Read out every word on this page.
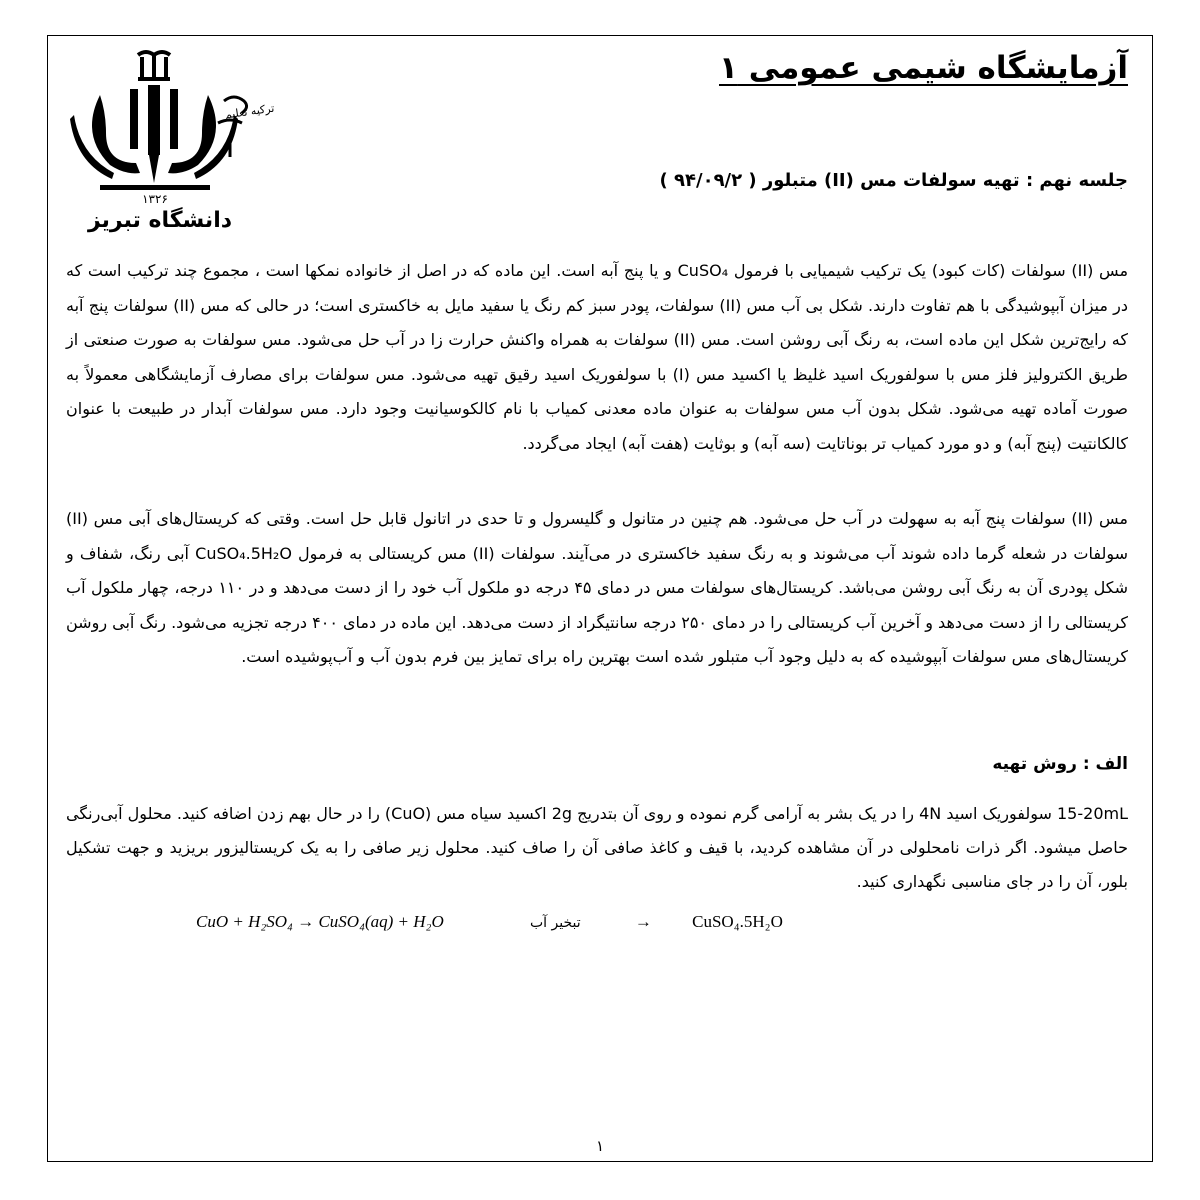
۱۳۲۶
دانشگاه تبریز
ترکیه تعلیم
آزمایشگاه شیمی عمومی ۱
جلسه نهم : تهیه سولفات مس (II) متبلور ( ۹۴/۰۹/۲ )
مس (II) سولفات (کات کبود) یک ترکیب شیمیایی با فرمول CuSO₄ و یا پنج آبه است. این ماده که در اصل از خانواده نمکها است ، مجموع چند ترکیب است که در میزان آبپوشیدگی با هم تفاوت دارند. شکل بی آب مس (II) سولفات، پودر سبز کم رنگ یا سفید مایل به خاکستری است؛ در حالی که مس (II) سولفات پنج آبه که رایج‌ترین شکل این ماده است، به رنگ آبی روشن است. مس (II) سولفات به همراه واکنش حرارت زا در آب حل می‌شود. مس سولفات به صورت صنعتی از طریق الکترولیز فلز مس با سولفوریک اسید غلیظ یا اکسید مس (I) با سولفوریک اسید رقیق تهیه می‌شود. مس سولفات برای مصارف آزمایشگاهی معمولاً به صورت آماده تهیه می‌شود. شکل بدون آب مس سولفات به عنوان ماده معدنی کمیاب با نام کالکوسیانیت وجود دارد. مس سولفات آبدار در طبیعت با عنوان کالکانتیت (پنج آبه) و دو مورد کمیاب تر بوناتایت (سه آبه) و بوثایت (هفت آبه) ایجاد می‌گردد.
مس (II) سولفات پنج آبه به سهولت در آب حل می‌شود. هم چنین در متانول و گلیسرول و تا حدی در اتانول قابل حل است. وقتی که کریستال‌های آبی مس (II) سولفات در شعله گرما داده شوند آب می‌شوند و به رنگ سفید خاکستری در می‌آیند. سولفات (II) مس کریستالی به فرمول CuSO₄.5H₂O آبی رنگ، شفاف و شکل پودری آن به رنگ آبی روشن می‌باشد. کریستال‌های سولفات مس در دمای ۴۵ درجه دو ملکول آب خود را از دست می‌دهد و در ۱۱۰ درجه، چهار ملکول آب کریستالی را از دست می‌دهد و آخرین آب کریستالی را در دمای ۲۵۰ درجه سانتیگراد از دست می‌دهد. این ماده در دمای ۴۰۰ درجه تجزیه می‌شود. رنگ آبی روشن کریستال‌های مس سولفات آبپوشیده که به دلیل وجود آب متبلور شده است بهترین راه برای تمایز بین فرم بدون آب و آب‌پوشیده است.
الف : روش تهیه
15-20mL سولفوریک اسید 4N را در یک بشر به آرامی گرم نموده و روی آن بتدریج 2g اکسید سیاه مس (CuO) را در حال بهم زدن اضافه کنید. محلول آبی‌رنگی حاصل میشود. اگر ذرات نامحلولی در آن مشاهده کردید، با قیف و کاغذ صافی آن را صاف کنید. محلول زیر صافی را به یک کریستالیزور بریزید و جهت تشکیل بلور، آن را در جای مناسبی نگهداری کنید.
CuO + H₂SO₄ → CuSO₄(aq) + H₂O	تبخیر آب	→ CuSO₄.5H₂O
۱
